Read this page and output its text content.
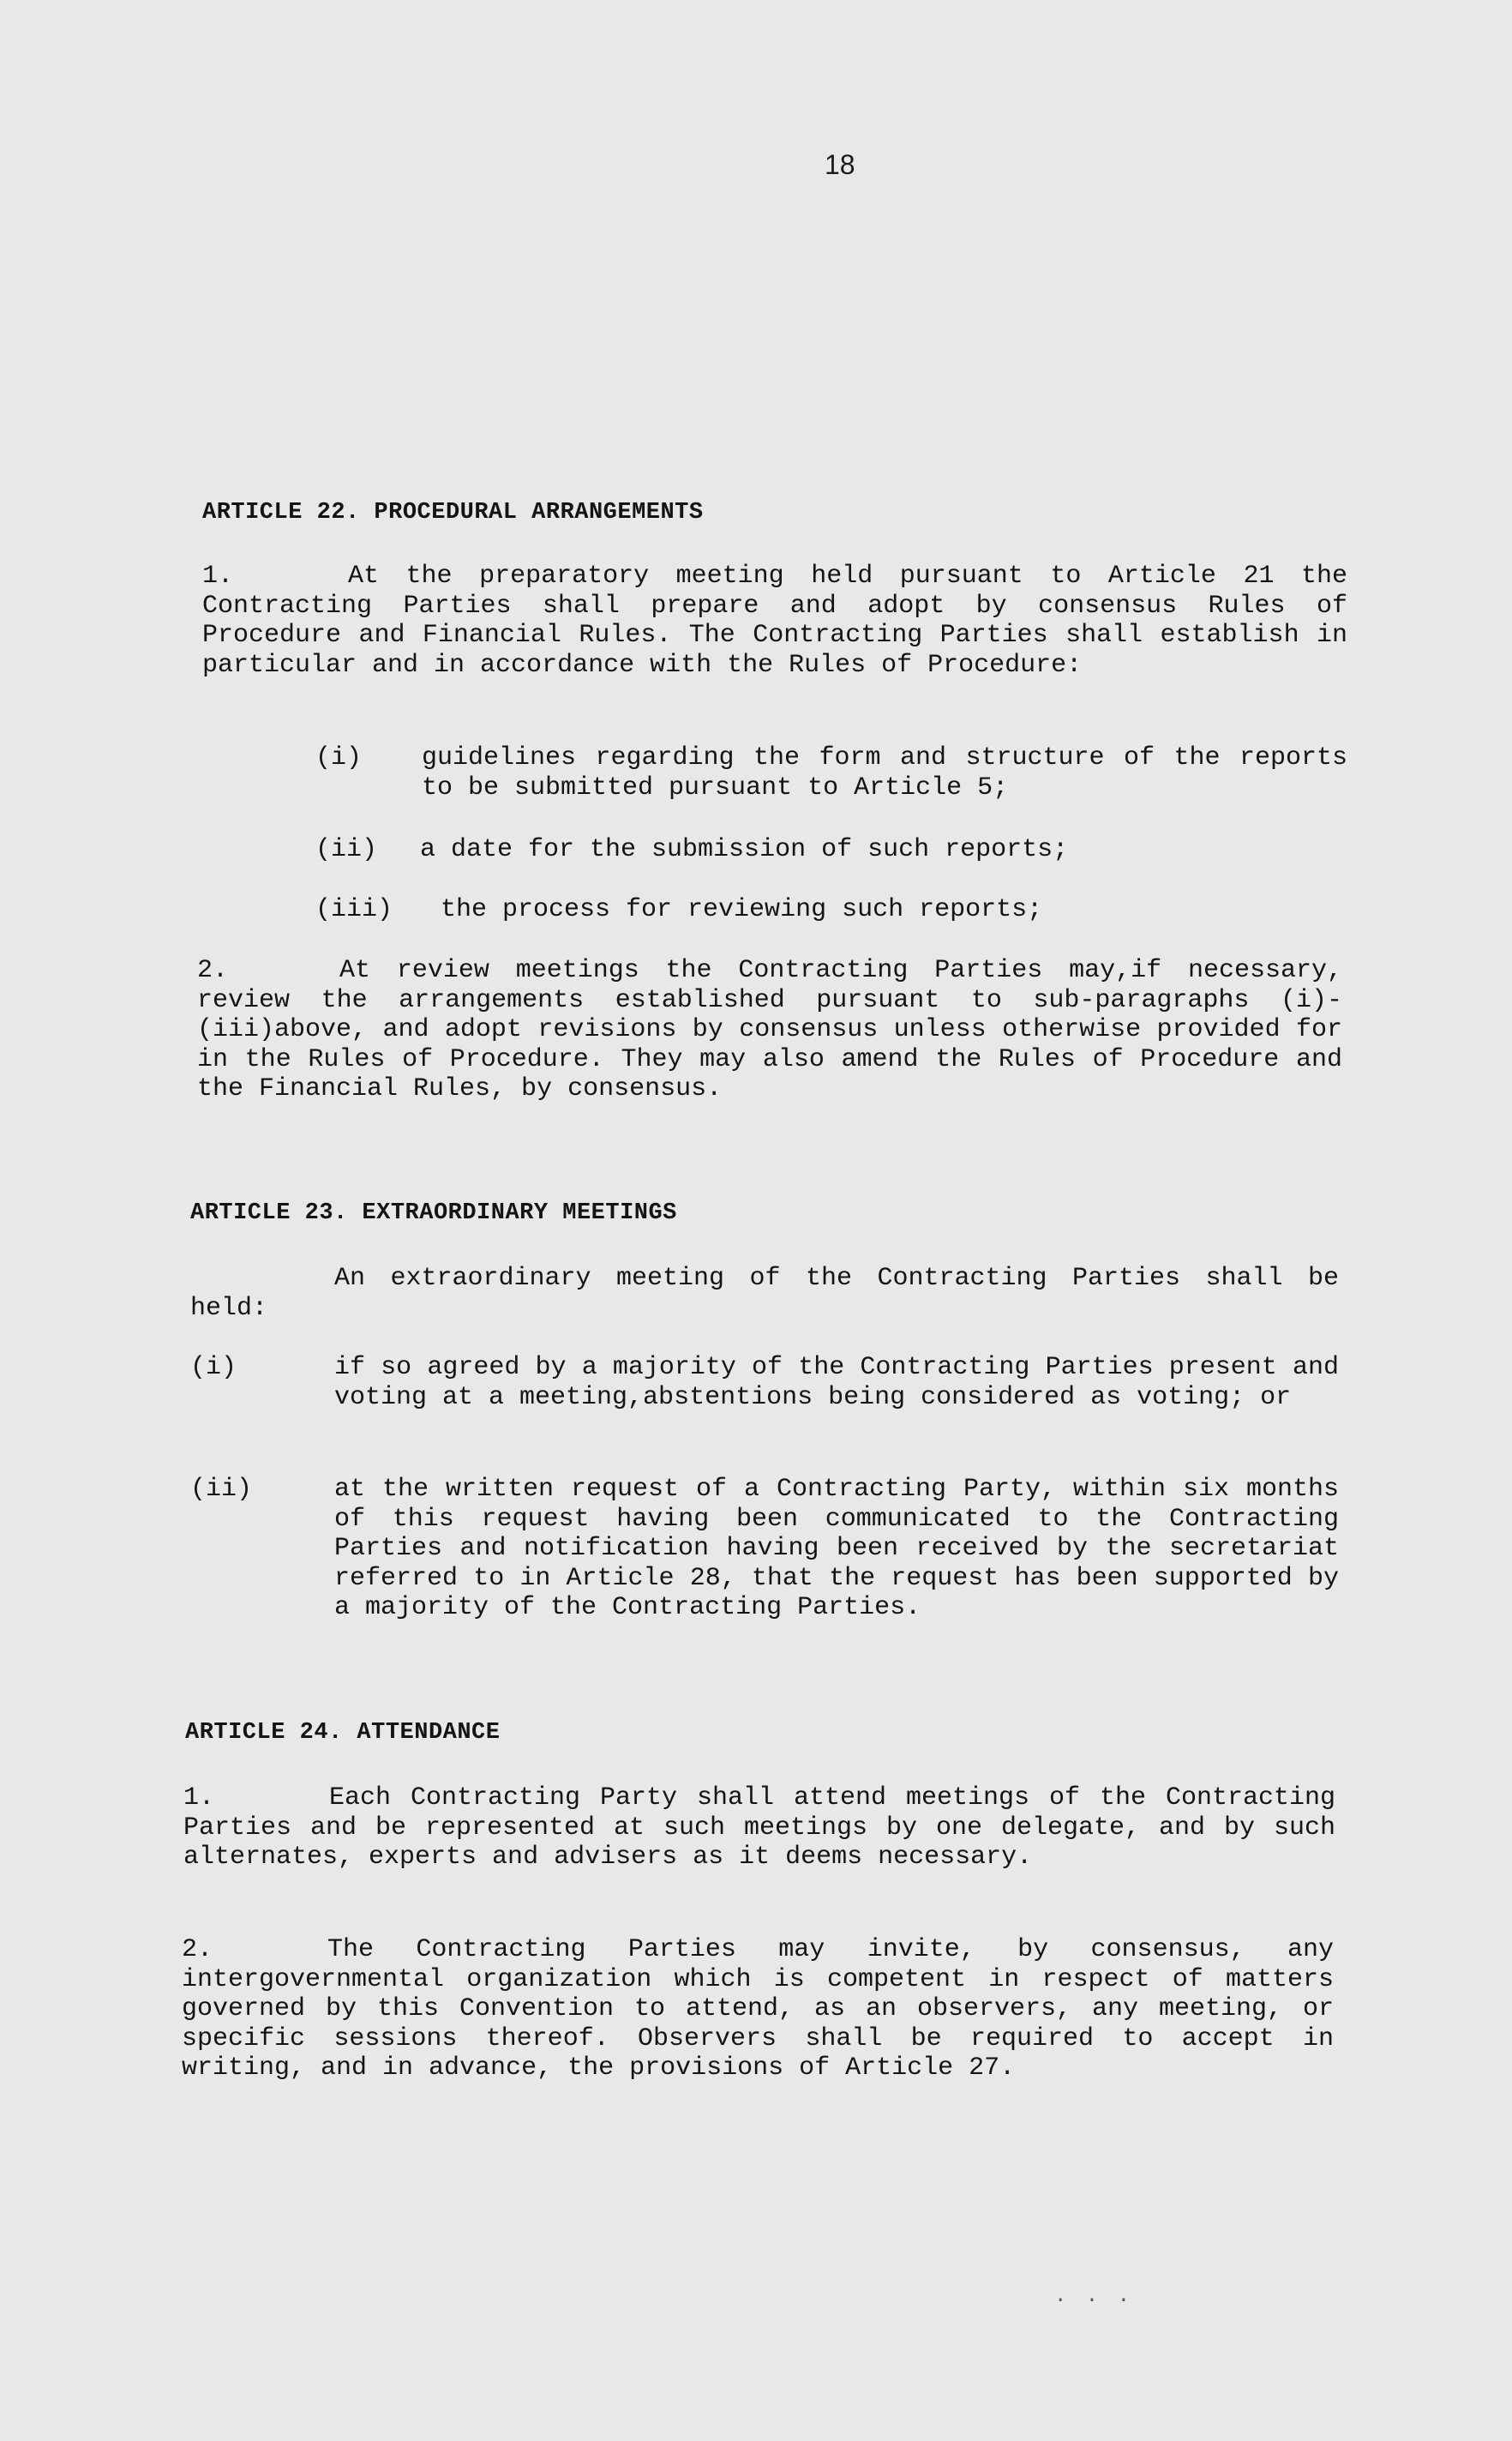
18
ARTICLE 22. PROCEDURAL ARRANGEMENTS
1.	At the preparatory meeting held pursuant to Article 21 the Contracting Parties shall prepare and adopt by consensus Rules of Procedure and Financial Rules. The Contracting Parties shall establish in particular and in accordance with the Rules of Procedure:
(i) guidelines regarding the form and structure of the reports to be submitted pursuant to Article 5;
(ii) a date for the submission of such reports;
(iii) the process for reviewing such reports;
2.	At review meetings the Contracting Parties may,if necessary, review the arrangements established pursuant to sub-paragraphs (i)-(iii)above, and adopt revisions by consensus unless otherwise provided for in the Rules of Procedure. They may also amend the Rules of Procedure and the Financial Rules, by consensus.
ARTICLE 23. EXTRAORDINARY MEETINGS
An extraordinary meeting of the Contracting Parties shall be held:
(i)	if so agreed by a majority of the Contracting Parties present and voting at a meeting,abstentions being considered as voting; or
(ii)	at the written request of a Contracting Party, within six months of this request having been communicated to the Contracting Parties and notification having been received by the secretariat referred to in Article 28, that the request has been supported by a majority of the Contracting Parties.
ARTICLE 24. ATTENDANCE
1.	Each Contracting Party shall attend meetings of the Contracting Parties and be represented at such meetings by one delegate, and by such alternates, experts and advisers as it deems necessary.
2.	The Contracting Parties may invite, by consensus, any intergovernmental organization which is competent in respect of matters governed by this Convention to attend, as an observers, any meeting, or specific sessions thereof. Observers shall be required to accept in writing, and in advance, the provisions of Article 27.
. . .
